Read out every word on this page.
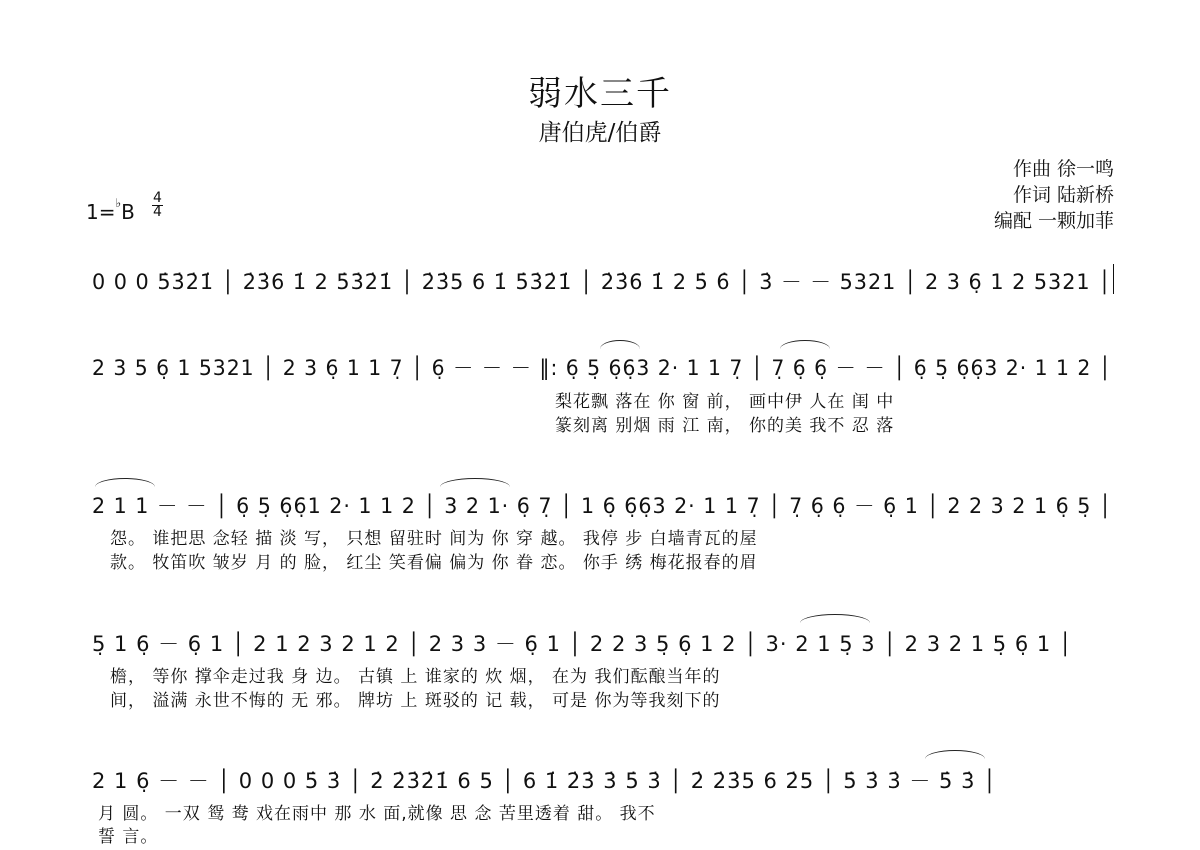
弱水三千
唐伯虎/伯爵
作曲 徐一鸣
作词 陆新桥
编配 一颗加菲
1=♭B
4
4
0 0 0 5̇3̇2̇1̇ │ 2̇3̇6 1̇ 2 5̇3̇2̇1̇ │ 2̇3̇5 6 1̇ 5̇3̇2̇1̇ │ 2̇3̇6 1̇ 2 5̇ 6̇ │ 3̇ － － 5321 │ 2 3 6̣ 1 2 5321 │
2 3 5 6̣ 1 5321 │ 2 3 6̣ 1 1 7̣ │ 6̣ － － － ‖: 6̣ 5̣ 6̣6̣3 2· 1 1 7̣ │ 7̣ 6̣ 6̣ － － │ 6̣ 5̣ 6̣6̣3 2· 1 1 2 │
梨花飘 落在 你 窗 前， 画中伊 人在 闺 中
篆刻离 别烟 雨 江 南， 你的美 我不 忍 落
2 1 1 － － │ 6̣ 5̣ 6̣6̣1 2· 1 1 2 │ 3 2 1· 6̣ 7̣ │ 1 6̣ 6̣6̣3 2· 1 1 7̣ │ 7̣ 6̣ 6̣ － 6̣ 1 │ 2 2 3 2 1 6̣ 5̣ │
怨。 谁把思 念轻 描 淡 写， 只想 留驻时 间为 你 穿 越。 我停 步 白墙青瓦的屋
款。 牧笛吹 皱岁 月 的 脸， 红尘 笑看偏 偏为 你 眷 恋。 你手 绣 梅花报春的眉
5̣ 1 6̣ － 6̣ 1 │ 2 1 2 3 2 1 2 │ 2 3 3 － 6̣ 1 │ 2 2 3 5̣ 6̣ 1 2 │ 3· 2 1 5̣ 3 │ 2 3 2 1 5̣ 6̣ 1 │
檐， 等你 撑伞走过我 身 边。 古镇 上 谁家的 炊 烟， 在为 我们酝酿当年的
间， 溢满 永世不悔的 无 邪。 牌坊 上 斑驳的 记 载， 可是 你为等我刻下的
2 1 6̣ － － │ 0 0 0 5̇ 3̇ │ 2̇ 2̇3̇2̇1̇ 6 5 │ 6 1̇ 2̇3̇ 3̇ 5̇ 3̇ │ 2̇ 2̇3̇5 6 2̇5 │ 5̇ 3̇ 3̇ － 5̇ 3̇ │
月 圆。 一双 鸳 鸯 戏在雨中 那 水 面,就像 思 念 苦里透着 甜。 我不
誓 言。
